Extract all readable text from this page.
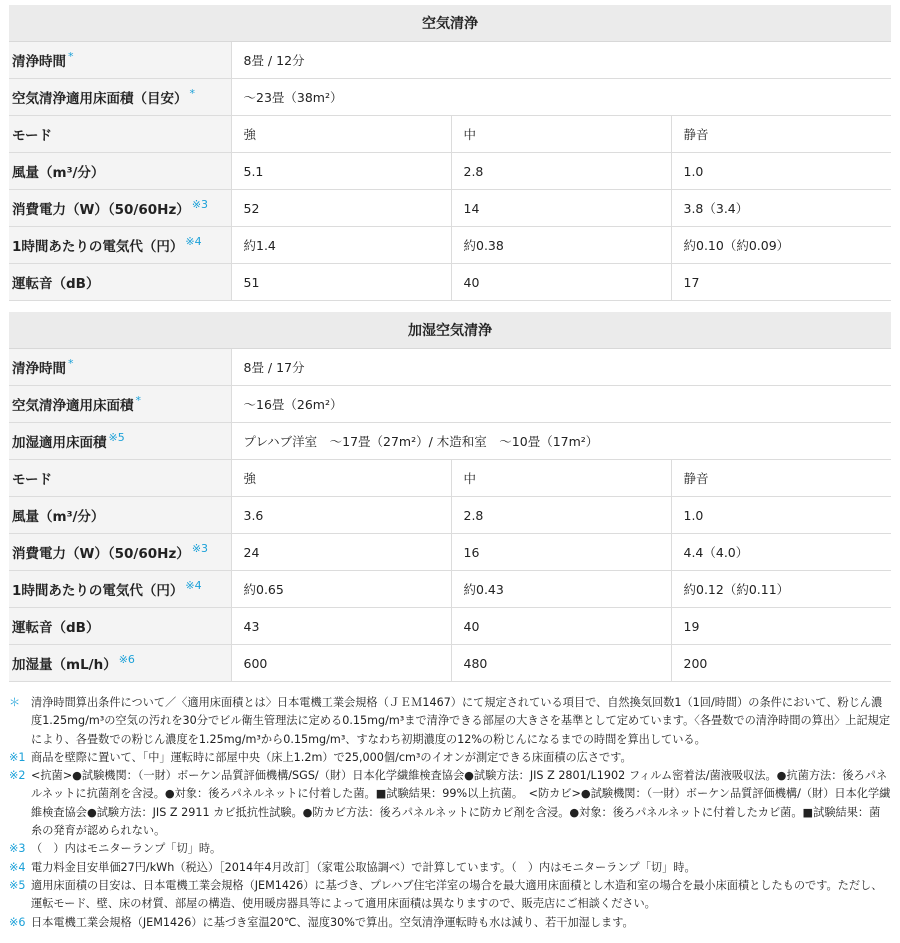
空気清浄			
清浄時間 *	8畳 / 12分		
空気清浄適用床面積（目安） *	〜23畳（38m²）		
モード	強	中	静音
風量（m³/分）	5.1	2.8	1.0
消費電力（W）（50/60Hz） $^{※3}$	52	14	3.8（3.4）
1時間あたりの電気代（円） $^{※4}$	約1.4	約0.38	約0.10（約0.09）
運転音（dB）	51	40	17
加湿空気清浄			
清浄時間 *	8畳 / 17分		
空気清浄適用床面積 *	〜16畳（26m²）		
加湿適用床面積 $^{※5}$	プレハブ洋室　〜17畳（27m²）/ 木造和室　〜10畳（17m²）		
モード	強	中	静音
風量（m³/分）	3.6	2.8	1.0
消費電力（W）（50/60Hz） $^{※3}$	24	16	4.4（4.0）
1時間あたりの電気代（円） $^{※4}$	約0.65	約0.43	約0.12（約0.11）
運転音（dB）	43	40	19
加湿量（mL/h） $^{※6}$	600	480	200
＊ 清浄時間算出条件について／〈適用床面積とは〉日本電機工業会規格（ＪＥＭ1467）にて規定されている項目で、自然換気回数1（1回/時間）の条件において、粉じん濃度1.25mg/m³の空気の汚れを30分でビル衛生管理法に定める0.15mg/m³まで清浄できる部屋の大きさを基準として定めています。〈各畳数での清浄時間の算出〉上記規定により、各畳数での粉じん濃度を1.25mg/m³から0.15mg/m³、すなわち初期濃度の12%の粉じんになるまでの時間を算出している。
※1 商品を壁際に置いて、「中」運転時に部屋中央（床上1.2m）で25,000個/cm³のイオンが測定できる床面積の広さです。
※2 <抗菌>●試験機関：（一財）ボーケン品質評価機構/SGS/（財）日本化学繊維検査協会●試験方法：JIS Z 2801/L1902 フィルム密着法/菌液吸収法。●抗菌方法：後ろパネルネットに抗菌剤を含浸。●対象：後ろパネルネットに付着した菌。■試験結果：99%以上抗菌。　<防カビ>●試験機関：（一財）ボーケン品質評価機構/（財）日本化学繊維検査協会●試験方法：JIS Z 2911 カビ抵抗性試験。●防カビ方法：後ろパネルネットに防カビ剤を含浸。●対象：後ろパネルネットに付着したカビ菌。■試験結果：菌糸の発育が認められない。
※3 （　）内はモニターランプ「切」時。
※4 電力料金目安単価27円/kWh（税込）［2014年4月改訂］（家電公取協調べ）で計算しています。（　）内はモニターランプ「切」時。
※5 適用床面積の目安は、日本電機工業会規格（JEM1426）に基づき、プレハブ住宅洋室の場合を最大適用床面積とし木造和室の場合を最小床面積としたものです。ただし、運転モード、壁、床の材質、部屋の構造、使用暖房器具等によって適用床面積は異なりますので、販売店にご相談ください。
※6 日本電機工業会規格（JEM1426）に基づき室温20℃、湿度30%で算出。空気清浄運転時も水は減り、若干加湿します。
